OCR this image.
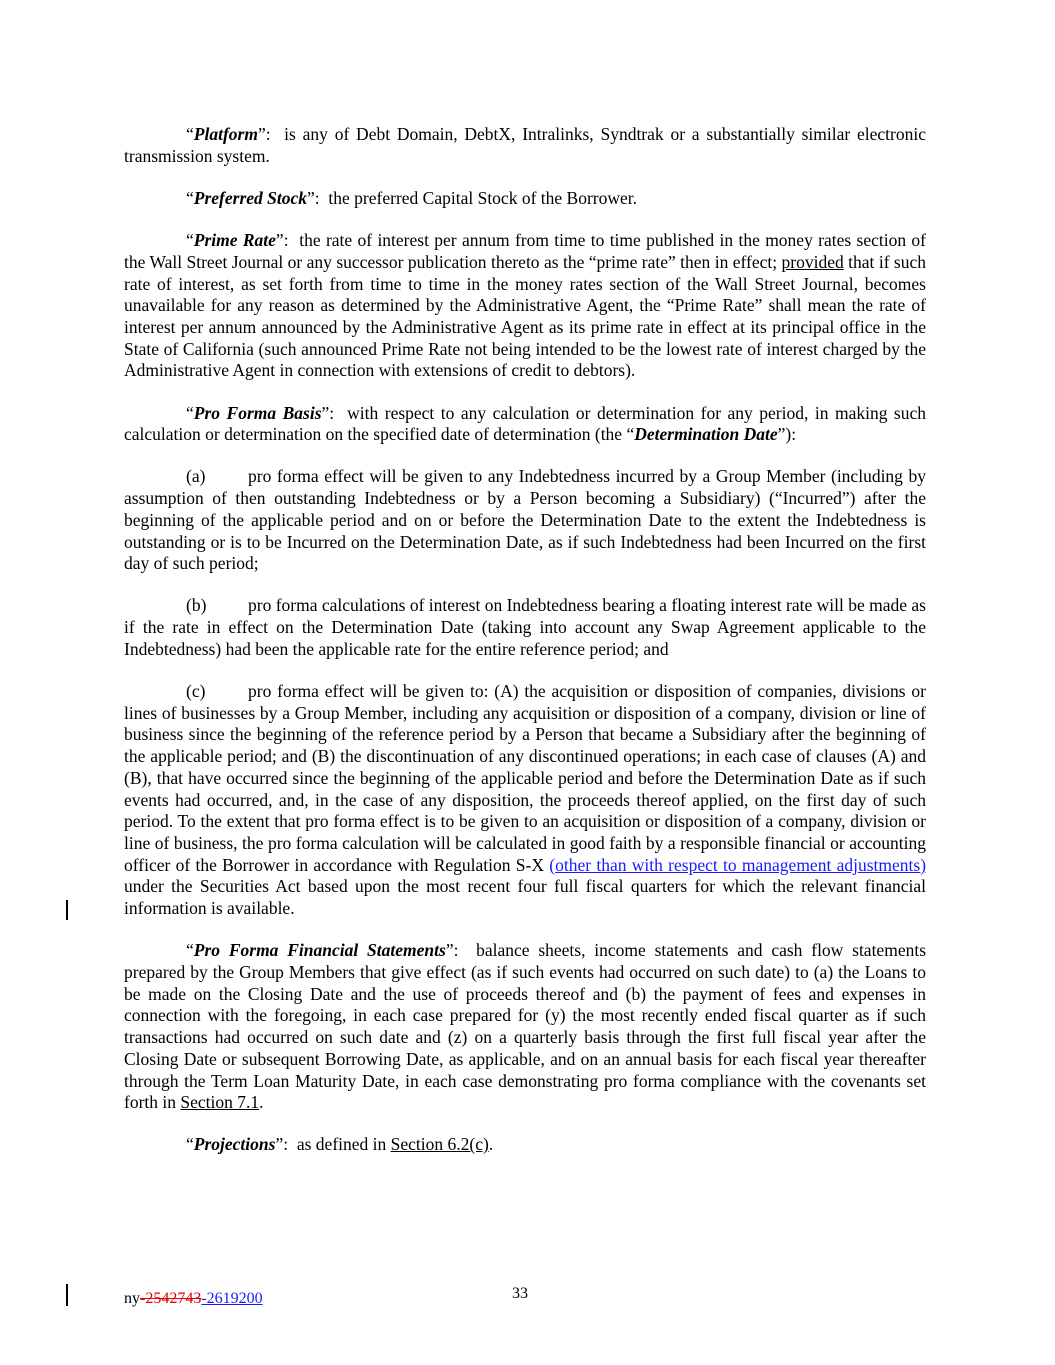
“Platform”: is any of Debt Domain, DebtX, Intralinks, Syndtrak or a substantially similar electronic transmission system.

“Preferred Stock”: the preferred Capital Stock of the Borrower.

“Prime Rate”: the rate of interest per annum from time to time published in the money rates section of the Wall Street Journal or any successor publication thereto as the “prime rate” then in effect; provided that if such rate of interest, as set forth from time to time in the money rates section of the Wall Street Journal, becomes unavailable for any reason as determined by the Administrative Agent, the “Prime Rate” shall mean the rate of interest per annum announced by the Administrative Agent as its prime rate in effect at its principal office in the State of California (such announced Prime Rate not being intended to be the lowest rate of interest charged by the Administrative Agent in connection with extensions of credit to debtors).

“Pro Forma Basis”: with respect to any calculation or determination for any period, in making such calculation or determination on the specified date of determination (the “Determination Date”):

(a) pro forma effect will be given to any Indebtedness incurred by a Group Member (including by assumption of then outstanding Indebtedness or by a Person becoming a Subsidiary) (“Incurred”) after the beginning of the applicable period and on or before the Determination Date to the extent the Indebtedness is outstanding or is to be Incurred on the Determination Date, as if such Indebtedness had been Incurred on the first day of such period;

(b) pro forma calculations of interest on Indebtedness bearing a floating interest rate will be made as if the rate in effect on the Determination Date (taking into account any Swap Agreement applicable to the Indebtedness) had been the applicable rate for the entire reference period; and

(c) pro forma effect will be given to: (A) the acquisition or disposition of companies, divisions or lines of businesses by a Group Member, including any acquisition or disposition of a company, division or line of business since the beginning of the reference period by a Person that became a Subsidiary after the beginning of the applicable period; and (B) the discontinuation of any discontinued operations; in each case of clauses (A) and (B), that have occurred since the beginning of the applicable period and before the Determination Date as if such events had occurred, and, in the case of any disposition, the proceeds thereof applied, on the first day of such period. To the extent that pro forma effect is to be given to an acquisition or disposition of a company, division or line of business, the pro forma calculation will be calculated in good faith by a responsible financial or accounting officer of the Borrower in accordance with Regulation S-X (other than with respect to management adjustments) under the Securities Act based upon the most recent four full fiscal quarters for which the relevant financial information is available.

“Pro Forma Financial Statements”: balance sheets, income statements and cash flow statements prepared by the Group Members that give effect (as if such events had occurred on such date) to (a) the Loans to be made on the Closing Date and the use of proceeds thereof and (b) the payment of fees and expenses in connection with the foregoing, in each case prepared for (y) the most recently ended fiscal quarter as if such transactions had occurred on such date and (z) on a quarterly basis through the first full fiscal year after the Closing Date or subsequent Borrowing Date, as applicable, and on an annual basis for each fiscal year thereafter through the Term Loan Maturity Date, in each case demonstrating pro forma compliance with the covenants set forth in Section 7.1.

“Projections”: as defined in Section 6.2(c).

ny-2542743-2619200	33
